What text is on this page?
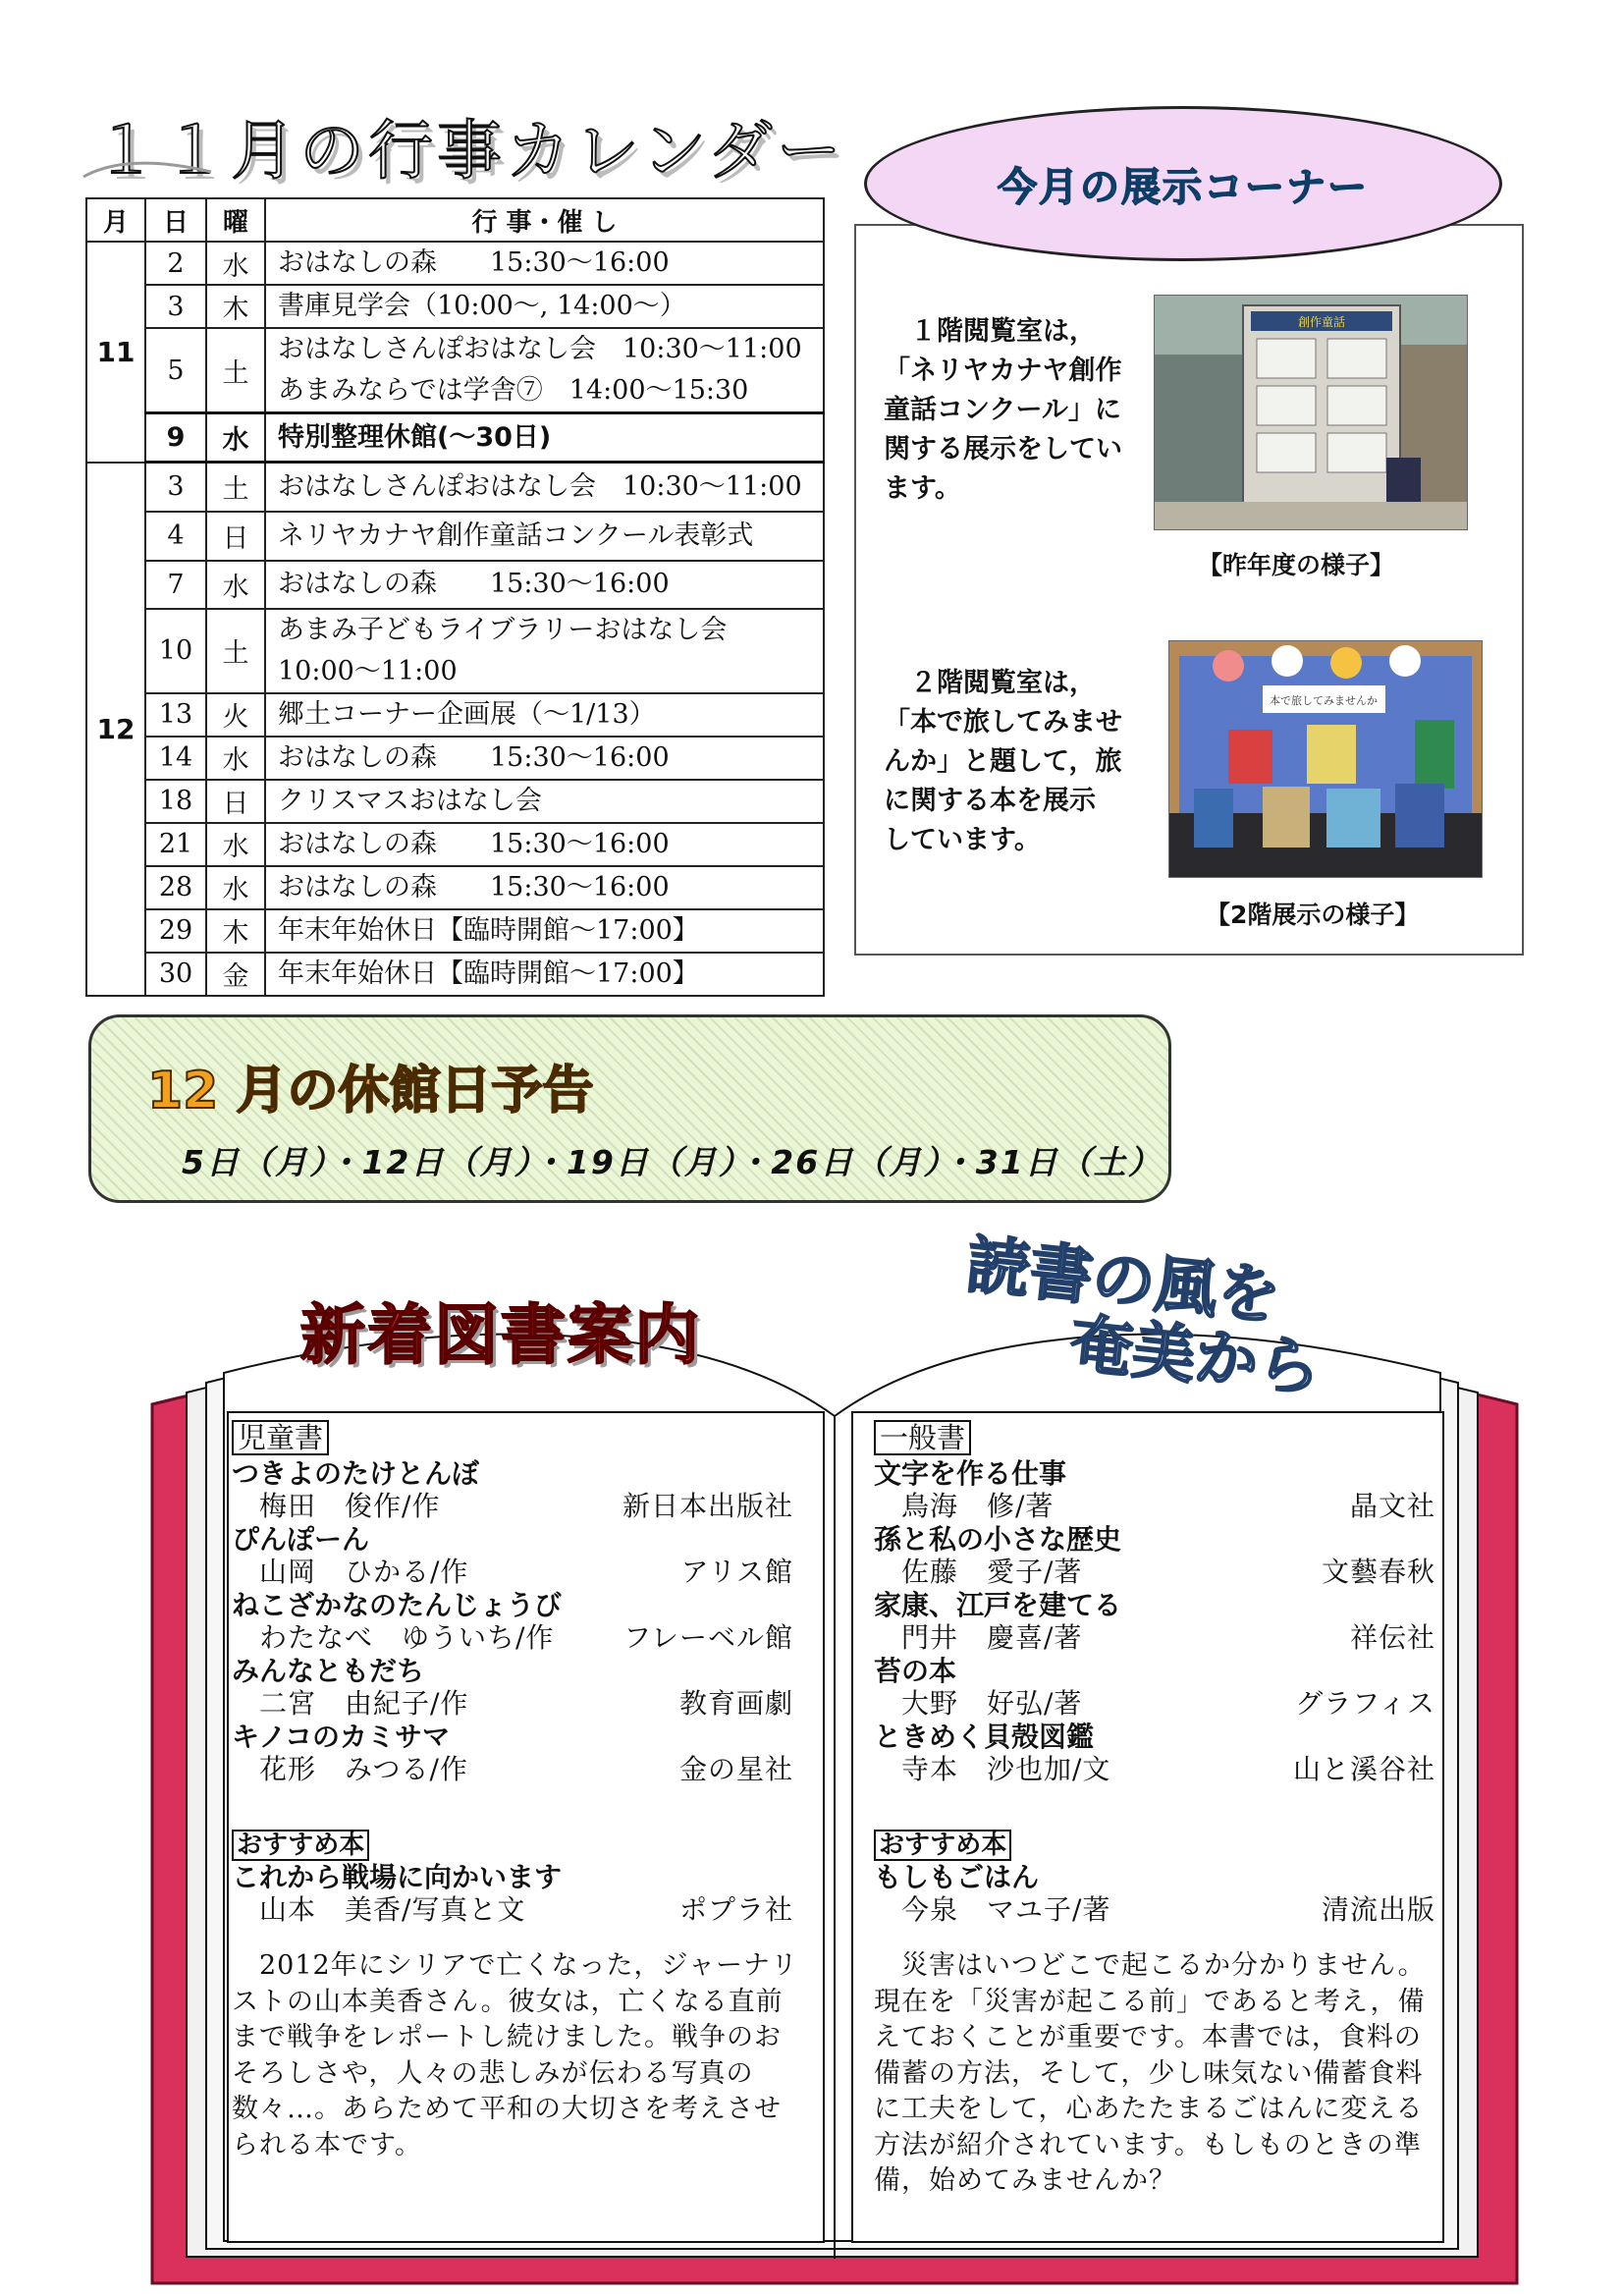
１１月の行事カレンダー
月	日	曜	行 事・催 し
11	2	水	おはなしの森　　15:30～16:00
	3	木	書庫見学会（10:00～, 14:00～）
	5	土	おはなしさんぽおはなし会　10:30～11:00
			あまみならでは学舎⑦　14:00～15:30
	9	水	特別整理休館(～30日)
12	3	土	おはなしさんぽおはなし会　10:30～11:00
	4	日	ネリヤカナヤ創作童話コンクール表彰式
	7	水	おはなしの森　　15:30～16:00
	10	土	あまみ子どもライブラリーおはなし会
			10:00～11:00
	13	火	郷土コーナー企画展（～1/13）
	14	水	おはなしの森　　15:30～16:00
	18	日	クリスマスおはなし会
	21	水	おはなしの森　　15:30～16:00
	28	水	おはなしの森　　15:30～16:00
	29	木	年末年始休日【臨時開館～17:00】
	30	金	年末年始休日【臨時開館～17:00】
今月の展示コーナー
　１階閲覧室は，
「ネリヤカナヤ創作
童話コンクール」に
関する展示をしてい
ます。
創作童話
【昨年度の様子】
　２階閲覧室は，
「本で旅してみませ
んか」と題して，旅
に関する本を展示
しています。
本で旅してみませんか
【2階展示の様子】
12 月の休館日予告
5日（月）・12日（月）・19日（月）・26日（月）・31日（土）
新着図書案内
読書の風を
奄美から
児童書
つきよのたけとんぼ
梅田　俊作/作	新日本出版社
ぴんぽーん
山岡　ひかる/作	アリス館
ねこざかなのたんじょうび
わたなべ　ゆういち/作	フレーベル館
みんなともだち
二宮　由紀子/作	教育画劇
キノコのカミサマ
花形　みつる/作	金の星社
おすすめ本
これから戦場に向かいます
山本　美香/写真と文	ポプラ社
　2012年にシリアで亡くなった，ジャーナリ
ストの山本美香さん。彼女は，亡くなる直前
まで戦争をレポートし続けました。戦争のお
そろしさや，人々の悲しみが伝わる写真の
数々…。あらためて平和の大切さを考えさせ
られる本です。
一般書
文字を作る仕事
鳥海　修/著	晶文社
孫と私の小さな歴史
佐藤　愛子/著	文藝春秋
家康、江戸を建てる
門井　慶喜/著	祥伝社
苔の本
大野　好弘/著	グラフィス
ときめく貝殻図鑑
寺本　沙也加/文	山と溪谷社
おすすめ本
もしもごはん
今泉　マユ子/著	清流出版
　災害はいつどこで起こるか分かりません。
現在を「災害が起こる前」であると考え，備
えておくことが重要です。本書では，食料の
備蓄の方法，そして，少し味気ない備蓄食料
に工夫をして，心あたたまるごはんに変える
方法が紹介されています。もしものときの準
備，始めてみませんか？
